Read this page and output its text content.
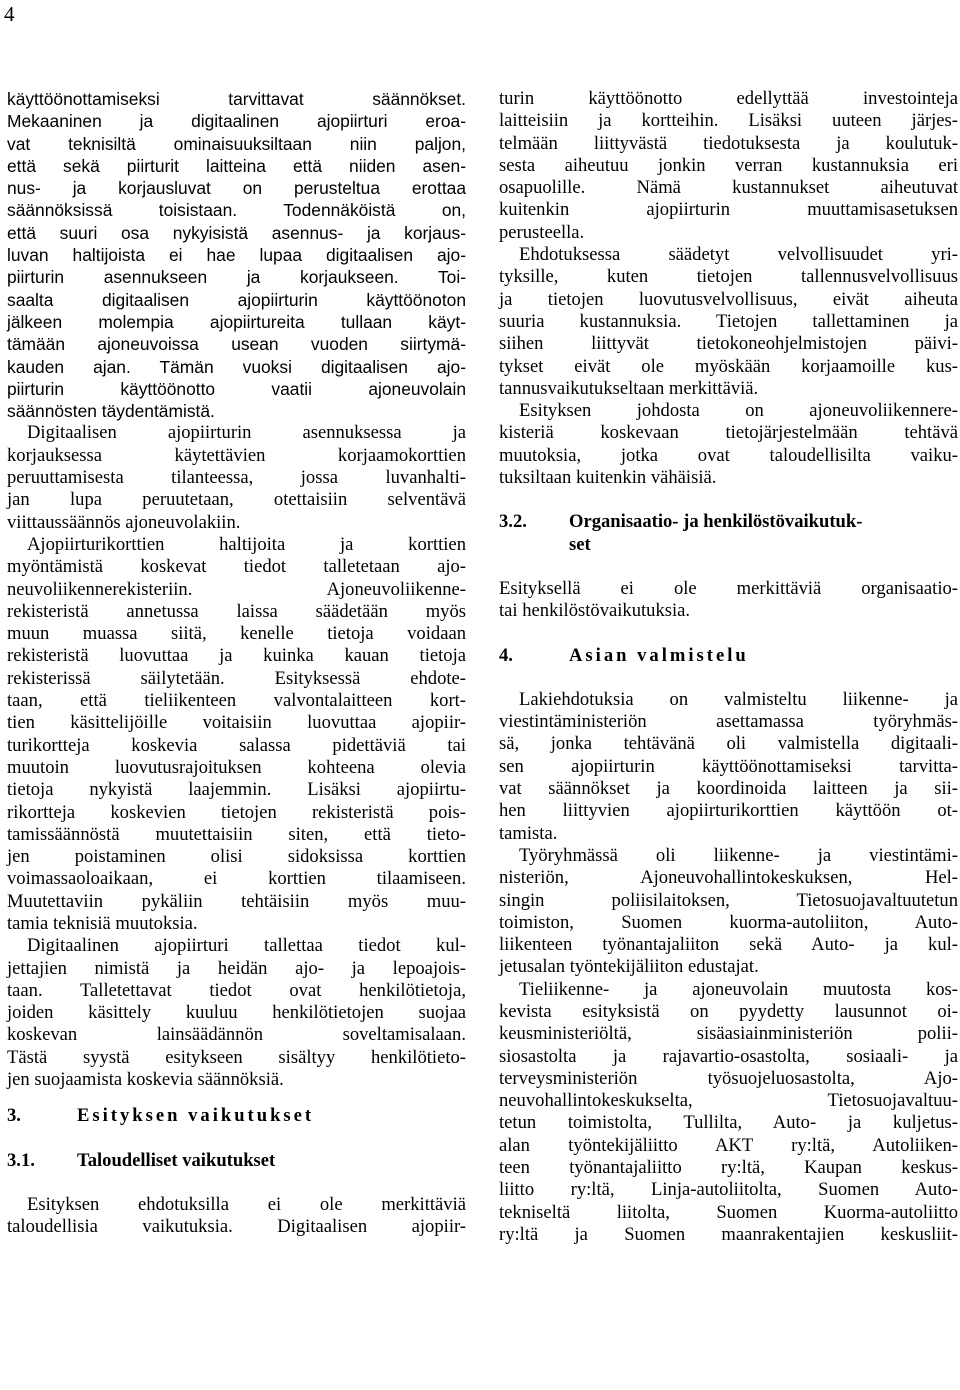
4
käyttöönottamiseksi tarvittavat säännökset.
Mekaaninen ja digitaalinen ajopiirturi eroa-
vat teknisiltä ominaisuuksiltaan niin paljon,
että sekä piirturit laitteina että niiden asen-
nus- ja korjausluvat on perusteltua erottaa
säännöksissä toisistaan. Todennäköistä on,
että suuri osa nykyisistä asennus- ja korjaus-
luvan haltijoista ei hae lupaa digitaalisen ajo-
piirturin asennukseen ja korjaukseen. Toi-
saalta digitaalisen ajopiirturin käyttöönoton
jälkeen molempia ajopiirtureita tullaan käyt-
tämään ajoneuvoissa usean vuoden siirtymä-
kauden ajan. Tämän vuoksi digitaalisen ajo-
piirturin käyttöönotto vaatii ajoneuvolain
säännösten täydentämistä.
Digitaalisen ajopiirturin asennuksessa ja
korjauksessa käytettävien korjaamokorttien
peruuttamisesta tilanteessa, jossa luvanhalti-
jan lupa peruutetaan, otettaisiin selventävä
viittaussäännös ajoneuvolakiin.
Ajopiirturikorttien haltijoita ja korttien
myöntämistä koskevat tiedot talletetaan ajo-
neuvoliikennerekisteriin. Ajoneuvoliikenne-
rekisteristä annetussa laissa säädetään myös
muun muassa siitä, kenelle tietoja voidaan
rekisteristä luovuttaa ja kuinka kauan tietoja
rekisterissä säilytetään. Esityksessä ehdote-
taan, että tieliikenteen valvontalaitteen kort-
tien käsittelijöille voitaisiin luovuttaa ajopiir-
turikortteja koskevia salassa pidettäviä tai
muutoin luovutusrajoituksen kohteena olevia
tietoja nykyistä laajemmin. Lisäksi ajopiirtu-
rikortteja koskevien tietojen rekisteristä pois-
tamissäännöstä muutettaisiin siten, että tieto-
jen poistaminen olisi sidoksissa korttien
voimassaoloaikaan, ei korttien tilaamiseen.
Muutettaviin pykäliin tehtäisiin myös muu-
tamia teknisiä muutoksia.
Digitaalinen ajopiirturi tallettaa tiedot kul-
jettajien nimistä ja heidän ajo- ja lepoajois-
taan. Talletettavat tiedot ovat henkilötietoja,
joiden käsittely kuuluu henkilötietojen suojaa
koskevan lainsäädännön soveltamisalaan.
Tästä syystä esitykseen sisältyy henkilötieto-
jen suojaamista koskevia säännöksiä.
3.	Esityksen vaikutukset
3.1.	Taloudelliset vaikutukset
Esityksen ehdotuksilla ei ole merkittäviä
taloudellisia vaikutuksia. Digitaalisen ajopiir-
turin käyttöönotto edellyttää investointeja
laitteisiin ja kortteihin. Lisäksi uuteen järjes-
telmään liittyvästä tiedotuksesta ja koulutuk-
sesta aiheutuu jonkin verran kustannuksia eri
osapuolille. Nämä kustannukset aiheutuvat
kuitenkin ajopiirturin muuttamisasetuksen
perusteella.
Ehdotuksessa säädetyt velvollisuudet yri-
tyksille, kuten tietojen tallennusvelvollisuus
ja tietojen luovutusvelvollisuus, eivät aiheuta
suuria kustannuksia. Tietojen tallettaminen ja
siihen liittyvät tietokoneohjelmistojen päivi-
tykset eivät ole myöskään korjaamoille kus-
tannusvaikutukseltaan merkittäviä.
Esityksen johdosta on ajoneuvoliikennere-
kisteriä koskevaan tietojärjestelmään tehtävä
muutoksia, jotka ovat taloudellisilta vaiku-
tuksiltaan kuitenkin vähäisiä.
3.2.	Organisaatio- ja henkilöstövaikutuk-
set
Esityksellä ei ole merkittäviä organisaatio-
tai henkilöstövaikutuksia.
4.	Asian valmistelu
Lakiehdotuksia on valmisteltu liikenne- ja
viestintäministeriön asettamassa työryhmäs-
sä, jonka tehtävänä oli valmistella digitaali-
sen ajopiirturin käyttöönottamiseksi tarvitta-
vat säännökset ja koordinoida laitteen ja sii-
hen liittyvien ajopiirturikorttien käyttöön ot-
tamista.
Työryhmässä oli liikenne- ja viestintämi-
nisteriön, Ajoneuvohallintokeskuksen, Hel-
singin poliisilaitoksen, Tietosuojavaltuutetun
toimiston, Suomen kuorma-autoliiton, Auto-
liikenteen työnantajaliiton sekä Auto- ja kul-
jetusalan työntekijäliiton edustajat.
Tieliikenne- ja ajoneuvolain muutosta kos-
kevista esityksistä on pyydetty lausunnot oi-
keusministeriöltä, sisäasiainministeriön polii-
siosastolta ja rajavartio-osastolta, sosiaali- ja
terveysministeriön työsuojeluosastolta, Ajo-
neuvohallintokeskukselta, Tietosuojavaltuu-
tetun toimistolta, Tullilta, Auto- ja kuljetus-
alan työntekijäliitto AKT ry:ltä, Autoliiken-
teen työnantajaliitto ry:ltä, Kaupan keskus-
liitto ry:ltä, Linja-autoliitolta, Suomen Auto-
tekniseltä liitolta, Suomen Kuorma-autoliitto
ry:ltä ja Suomen maanrakentajien keskusliit-
